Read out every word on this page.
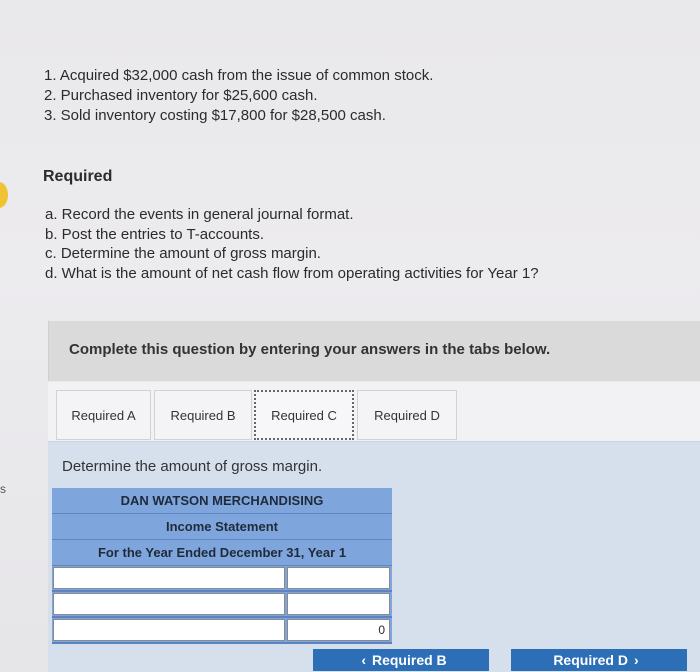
s
1. Acquired $32,000 cash from the issue of common stock.
2. Purchased inventory for $25,600 cash.
3. Sold inventory costing $17,800 for $28,500 cash.
Required
a. Record the events in general journal format.
b. Post the entries to T-accounts.
c. Determine the amount of gross margin.
d. What is the amount of net cash flow from operating activities for Year 1?
Complete this question by entering your answers in the tabs below.
Required A	Required B	Required C	Required D
Determine the amount of gross margin.
DAN WATSON MERCHANDISING
Income Statement
For the Year Ended December 31, Year 1
0
‹ Required B	Required D ›
